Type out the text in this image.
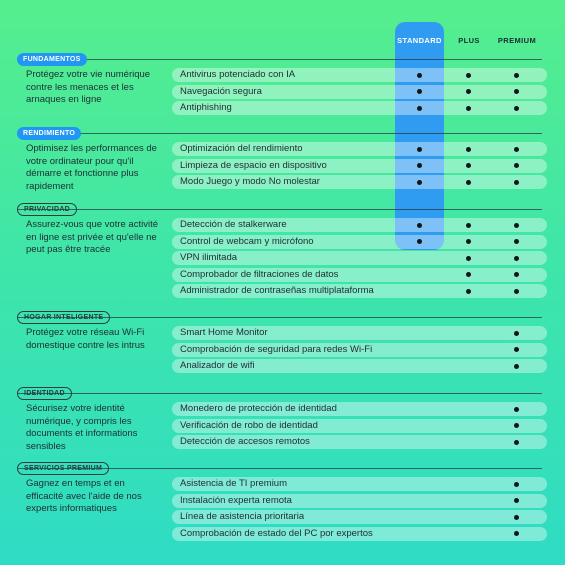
STANDARD	PLUS	PREMIUM
FUNDAMENTOS
Protégez votre vie numérique contre les menaces et les arnaques en ligne
Antivirus potenciado con IA
Navegación segura
Antiphishing
RENDIMIENTO
Optimisez les performances de votre ordinateur pour qu'il démarre et fonctionne plus rapidement
Optimización del rendimiento
Limpieza de espacio en dispositivo
Modo Juego y modo No molestar
PRIVACIDAD
Assurez-vous que votre activité en ligne est privée et qu'elle ne peut pas être tracée
Detección de stalkerware
Control de webcam y micrófono
VPN ilimitada
Comprobador de filtraciones de datos
Administrador de contraseñas multiplataforma
HOGAR INTELIGENTE
Protégez votre réseau Wi-Fi domestique contre les intrus
Smart Home Monitor
Comprobación de seguridad para redes Wi-Fi
Analizador de wifi
IDENTIDAD
Sécurisez votre identité numérique, y compris les documents et informations sensibles
Monedero de protección de identidad
Verificación de robo de identidad
Detección de accesos remotos
SERVICIOS PREMIUM
Gagnez en temps et en efficacité avec l'aide de nos experts informatiques
Asistencia de TI premium
Instalación experta remota
Línea de asistencia prioritaria
Comprobación de estado del PC por expertos
